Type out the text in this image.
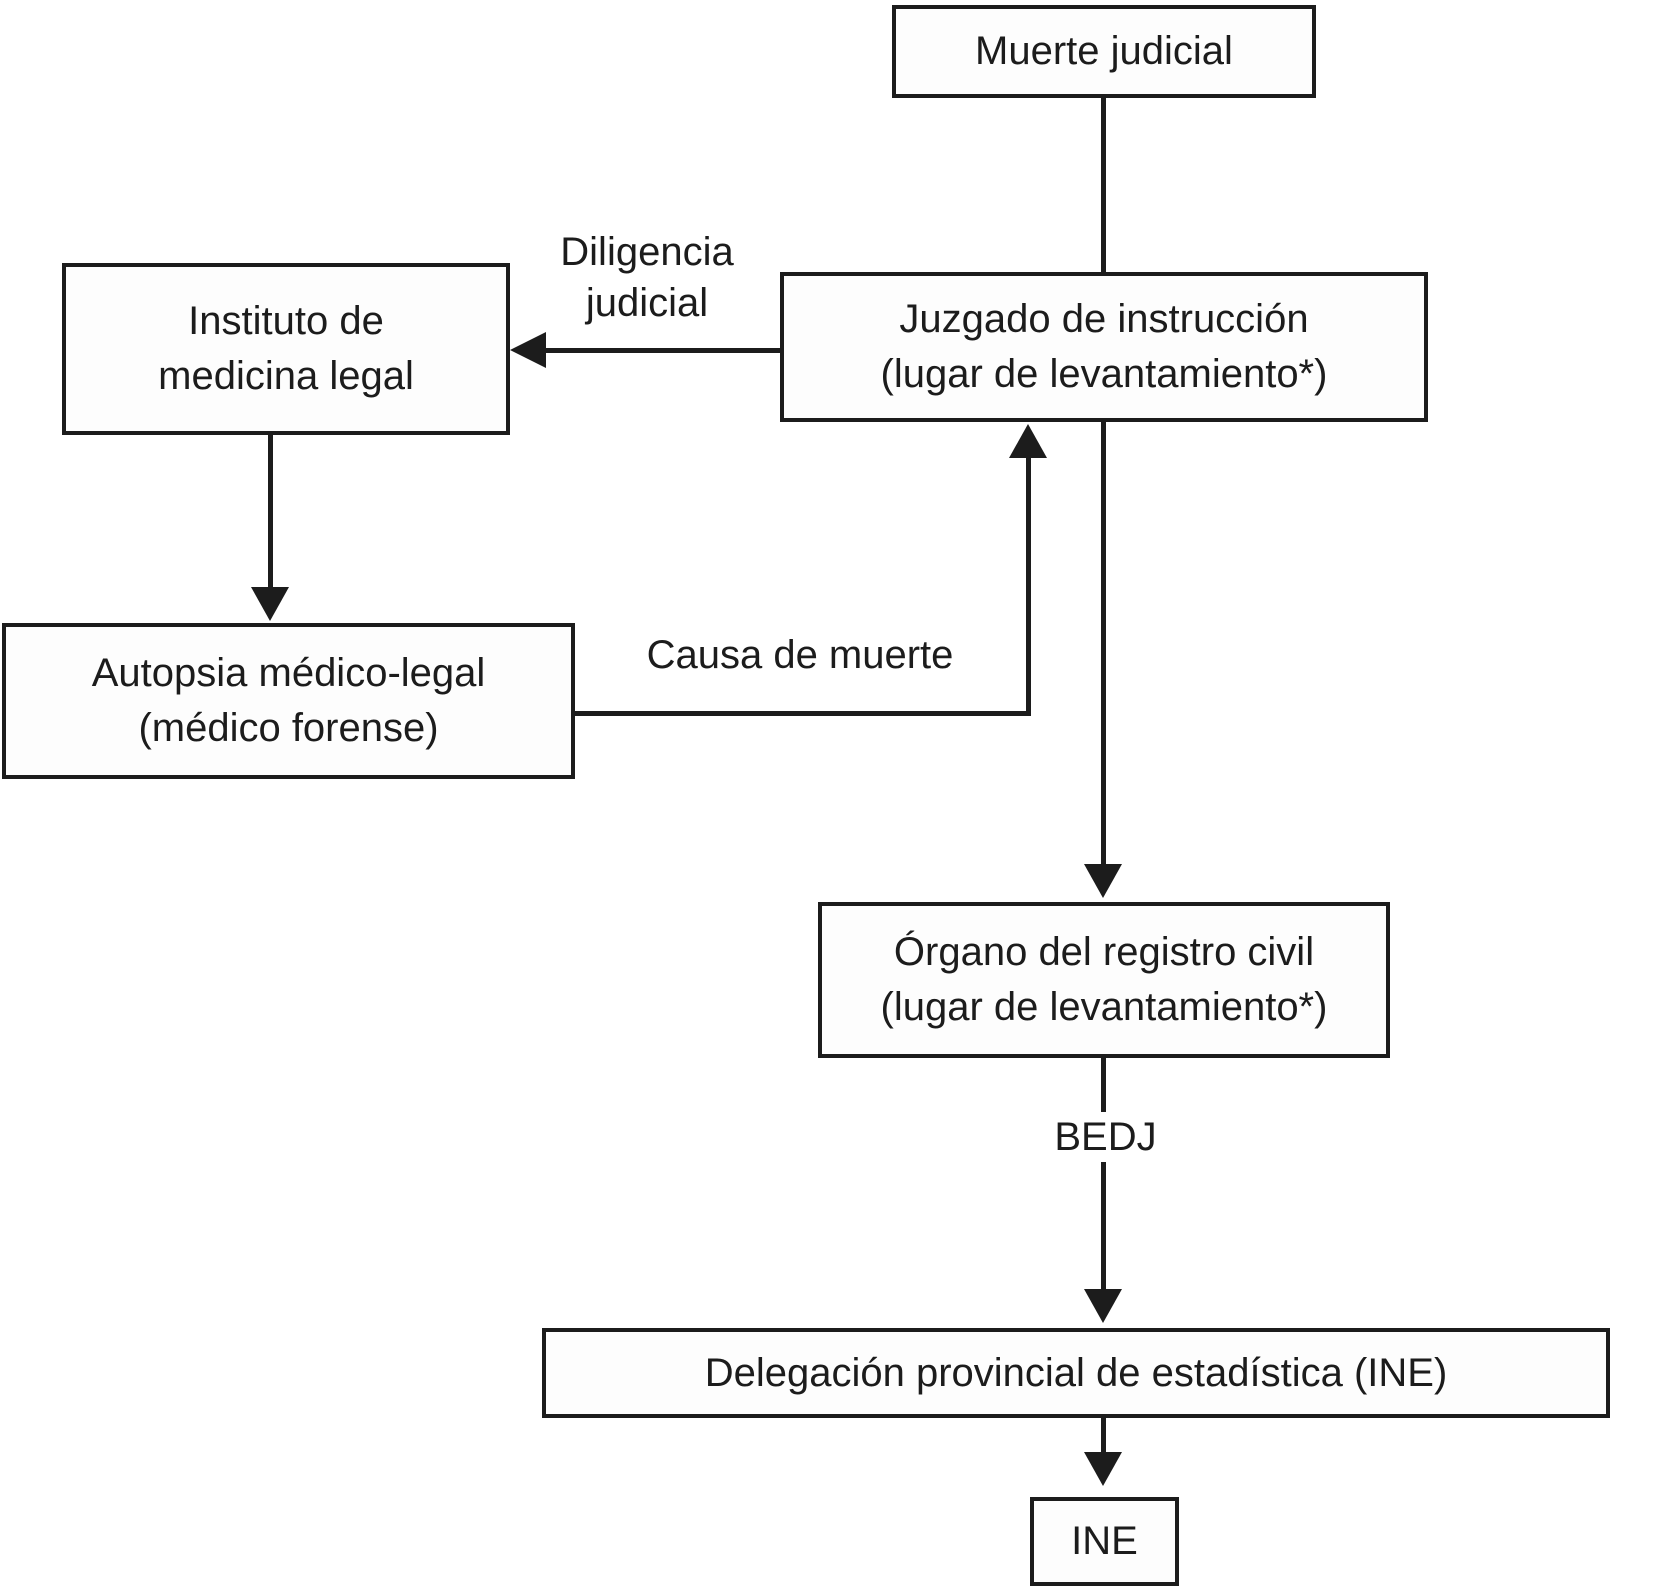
Diligencia
judicial
Causa de muerte
BEDJ
Muerte judicial
Juzgado de instrucción
(lugar de levantamiento*)
Instituto de
medicina legal
Autopsia médico-legal
(médico forense)
Órgano del registro civil
(lugar de levantamiento*)
Delegación provincial de estadística (INE)
INE
